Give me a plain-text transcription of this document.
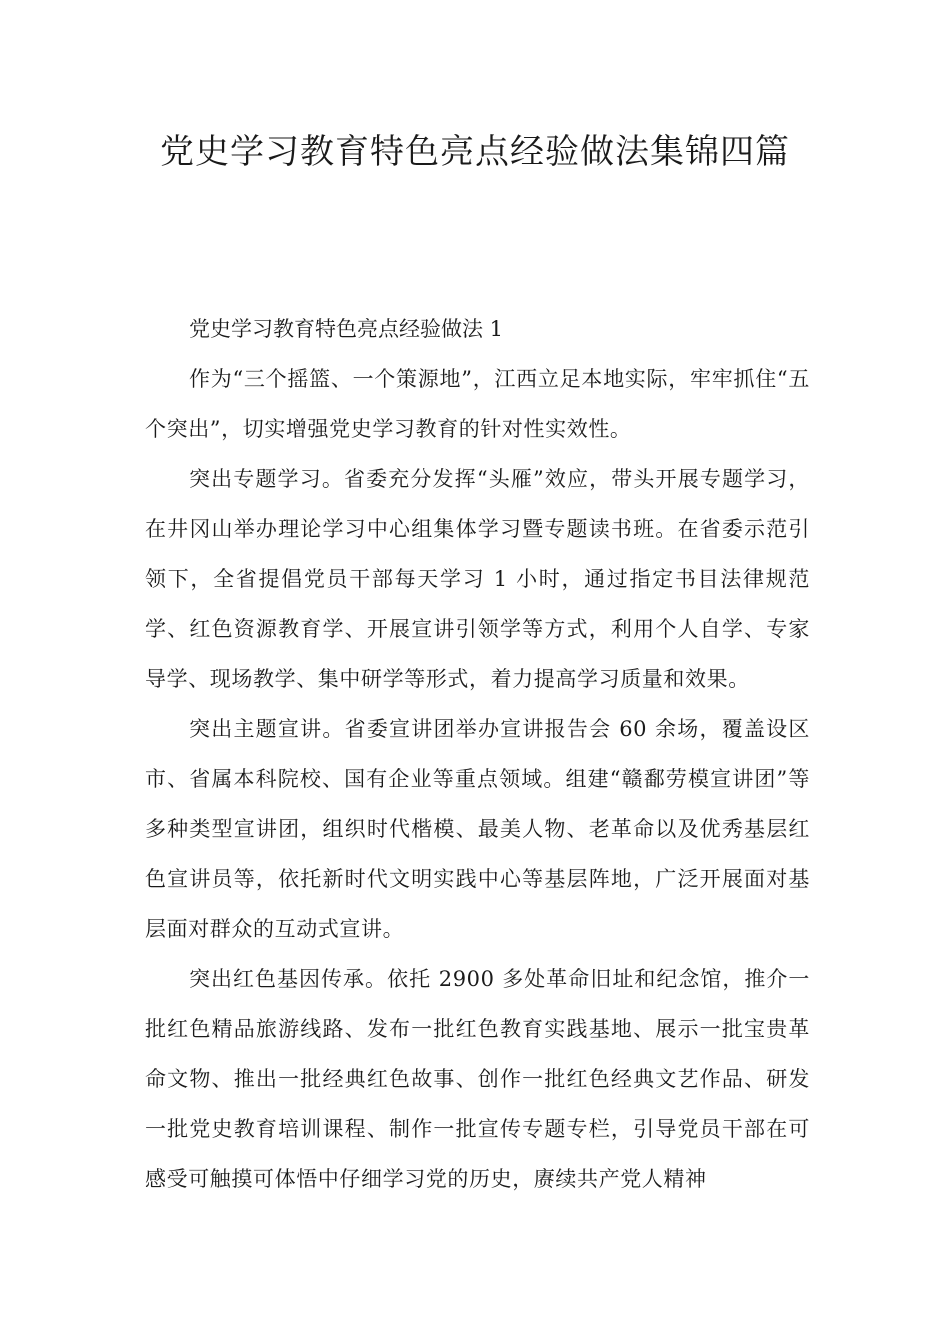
党史学习教育特色亮点经验做法集锦四篇

党史学习教育特色亮点经验做法 1

作为“三个摇篮、一个策源地”，江西立足本地实际，牢牢抓住“五个突出”，切实增强党史学习教育的针对性实效性。

突出专题学习。省委充分发挥“头雁”效应，带头开展专题学习，在井冈山举办理论学习中心组集体学习暨专题读书班。在省委示范引领下，全省提倡党员干部每天学习 1 小时，通过指定书目法律规范学、红色资源教育学、开展宣讲引领学等方式，利用个人自学、专家导学、现场教学、集中研学等形式，着力提高学习质量和效果。

突出主题宣讲。省委宣讲团举办宣讲报告会 60 余场，覆盖设区市、省属本科院校、国有企业等重点领域。组建“赣鄱劳模宣讲团”等多种类型宣讲团，组织时代楷模、最美人物、老革命以及优秀基层红色宣讲员等，依托新时代文明实践中心等基层阵地，广泛开展面对基层面对群众的互动式宣讲。

突出红色基因传承。依托 2900 多处革命旧址和纪念馆，推介一批红色精品旅游线路、发布一批红色教育实践基地、展示一批宝贵革命文物、推出一批经典红色故事、创作一批红色经典文艺作品、研发一批党史教育培训课程、制作一批宣传专题专栏，引导党员干部在可感受可触摸可体悟中仔细学习党的历史，赓续共产党人精神
